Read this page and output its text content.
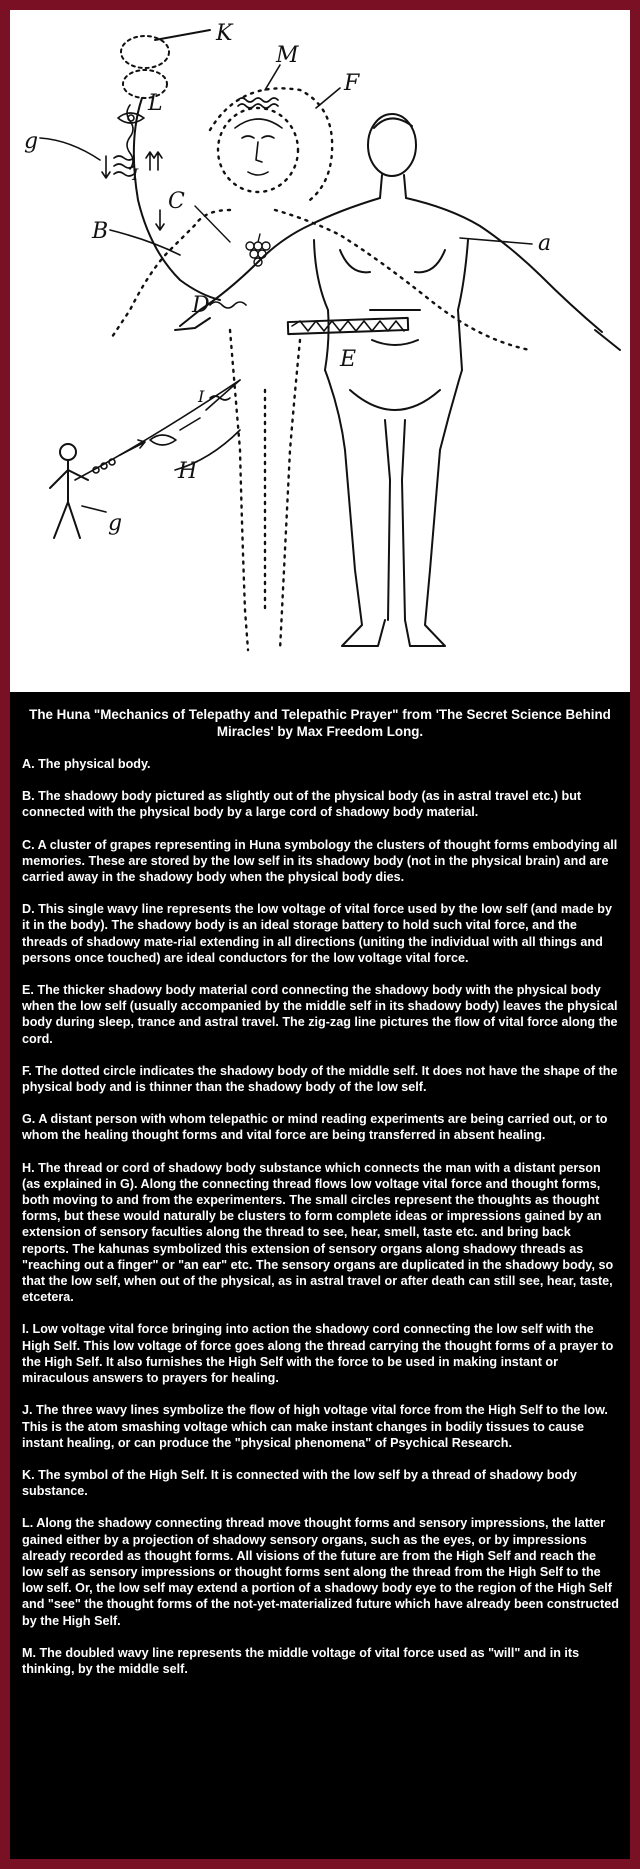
K
M
F
L
g
I
C
B
D
a
E
I
H
g
The Huna "Mechanics of Telepathy and Telepathic Prayer" from 'The Secret Science Behind Miracles' by Max Freedom Long.

A. The physical body.

B. The shadowy body pictured as slightly out of the physical body (as in astral travel etc.) but connected with the physical body by a large cord of shadowy body material.

C. A cluster of grapes representing in Huna symbology the clusters of thought forms embodying all memories. These are stored by the low self in its shadowy body (not in the physical brain) and are carried away in the shadowy body when the physical body dies.

D. This single wavy line represents the low voltage of vital force used by the low self (and made by it in the body). The shadowy body is an ideal storage battery to hold such vital force, and the threads of shadowy mate-rial extending in all directions (uniting the individual with all things and persons once touched) are ideal conductors for the low voltage vital force.

E. The thicker shadowy body material cord connecting the shadowy body with the physical body when the low self (usually accompanied by the middle self in its shadowy body) leaves the physical body during sleep, trance and astral travel. The zig-zag line pictures the flow of vital force along the cord.

F. The dotted circle indicates the shadowy body of the middle self. It does not have the shape of the physical body and is thinner than the shadowy body of the low self.

G. A distant person with whom telepathic or mind reading experiments are being carried out, or to whom the healing thought forms and vital force are being transferred in absent healing.

H. The thread or cord of shadowy body substance which connects the man with a distant person (as explained in G). Along the connecting thread flows low voltage vital force and thought forms, both moving to and from the experimenters. The small circles represent the thoughts as thought forms, but these would naturally be clusters to form complete ideas or impressions gained by an extension of sensory faculties along the thread to see, hear, smell, taste etc. and bring back reports. The kahunas symbolized this extension of sensory organs along shadowy threads as "reaching out a finger" or "an ear" etc. The sensory organs are duplicated in the shadowy body, so that the low self, when out of the physical, as in astral travel or after death can still see, hear, taste, etcetera.

I. Low voltage vital force bringing into action the shadowy cord connecting the low self with the High Self. This low voltage of force goes along the thread carrying the thought forms of a prayer to the High Self. It also furnishes the High Self with the force to be used in making instant or miraculous answers to prayers for healing.

J. The three wavy lines symbolize the flow of high voltage vital force from the High Self to the low. This is the atom smashing voltage which can make instant changes in bodily tissues to cause instant healing, or can produce the "physical phenomena" of Psychical Research.

K. The symbol of the High Self. It is connected with the low self by a thread of shadowy body substance.

L. Along the shadowy connecting thread move thought forms and sensory impressions, the latter gained either by a projection of shadowy sensory organs, such as the eyes, or by impressions already recorded as thought forms. All visions of the future are from the High Self and reach the low self as sensory impressions or thought forms sent along the thread from the High Self to the low self. Or, the low self may extend a portion of a shadowy body eye to the region of the High Self and "see" the thought forms of the not-yet-materialized future which have already been constructed by the High Self.

M. The doubled wavy line represents the middle voltage of vital force used as "will" and in its thinking, by the middle self.
